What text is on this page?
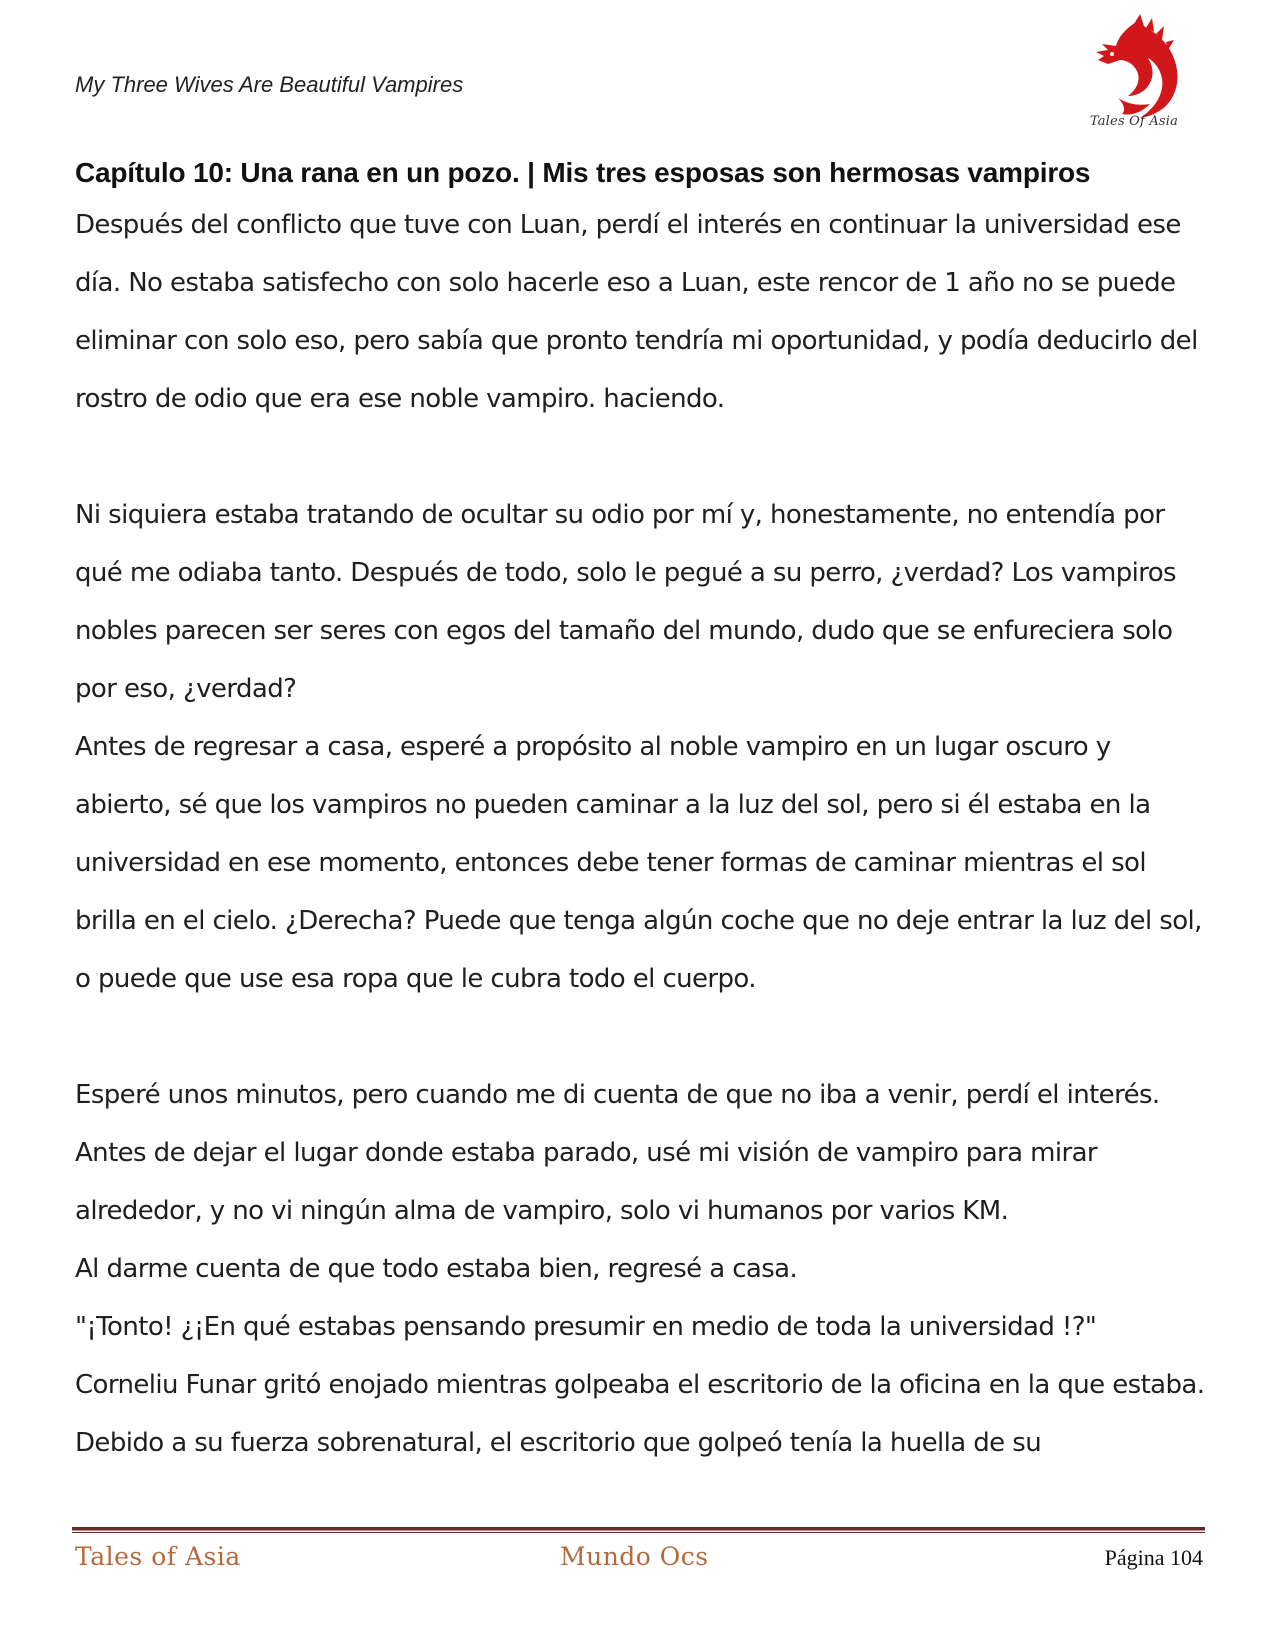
My Three Wives Are Beautiful Vampires
Tales Of Asia
Capítulo 10: Una rana en un pozo. | Mis tres esposas son hermosas vampiros

Después del conflicto que tuve con Luan, perdí el interés en continuar la universidad ese día. No estaba satisfecho con solo hacerle eso a Luan, este rencor de 1 año no se puede eliminar con solo eso, pero sabía que pronto tendría mi oportunidad, y podía deducirlo del rostro de odio que era ese noble vampiro. haciendo.

Ni siquiera estaba tratando de ocultar su odio por mí y, honestamente, no entendía por qué me odiaba tanto. Después de todo, solo le pegué a su perro, ¿verdad? Los vampiros nobles parecen ser seres con egos del tamaño del mundo, dudo que se enfureciera solo por eso, ¿verdad?

Antes de regresar a casa, esperé a propósito al noble vampiro en un lugar oscuro y abierto, sé que los vampiros no pueden caminar a la luz del sol, pero si él estaba en la universidad en ese momento, entonces debe tener formas de caminar mientras el sol brilla en el cielo. ¿Derecha? Puede que tenga algún coche que no deje entrar la luz del sol, o puede que use esa ropa que le cubra todo el cuerpo.

Esperé unos minutos, pero cuando me di cuenta de que no iba a venir, perdí el interés. Antes de dejar el lugar donde estaba parado, usé mi visión de vampiro para mirar alrededor, y no vi ningún alma de vampiro, solo vi humanos por varios KM.

Al darme cuenta de que todo estaba bien, regresé a casa.

"¡Tonto! ¿¡En qué estabas pensando presumir en medio de toda la universidad !?"

Corneliu Funar gritó enojado mientras golpeaba el escritorio de la oficina en la que estaba. Debido a su fuerza sobrenatural, el escritorio que golpeó tenía la huella de su

Tales of Asia	Mundo Ocs	Página 104
